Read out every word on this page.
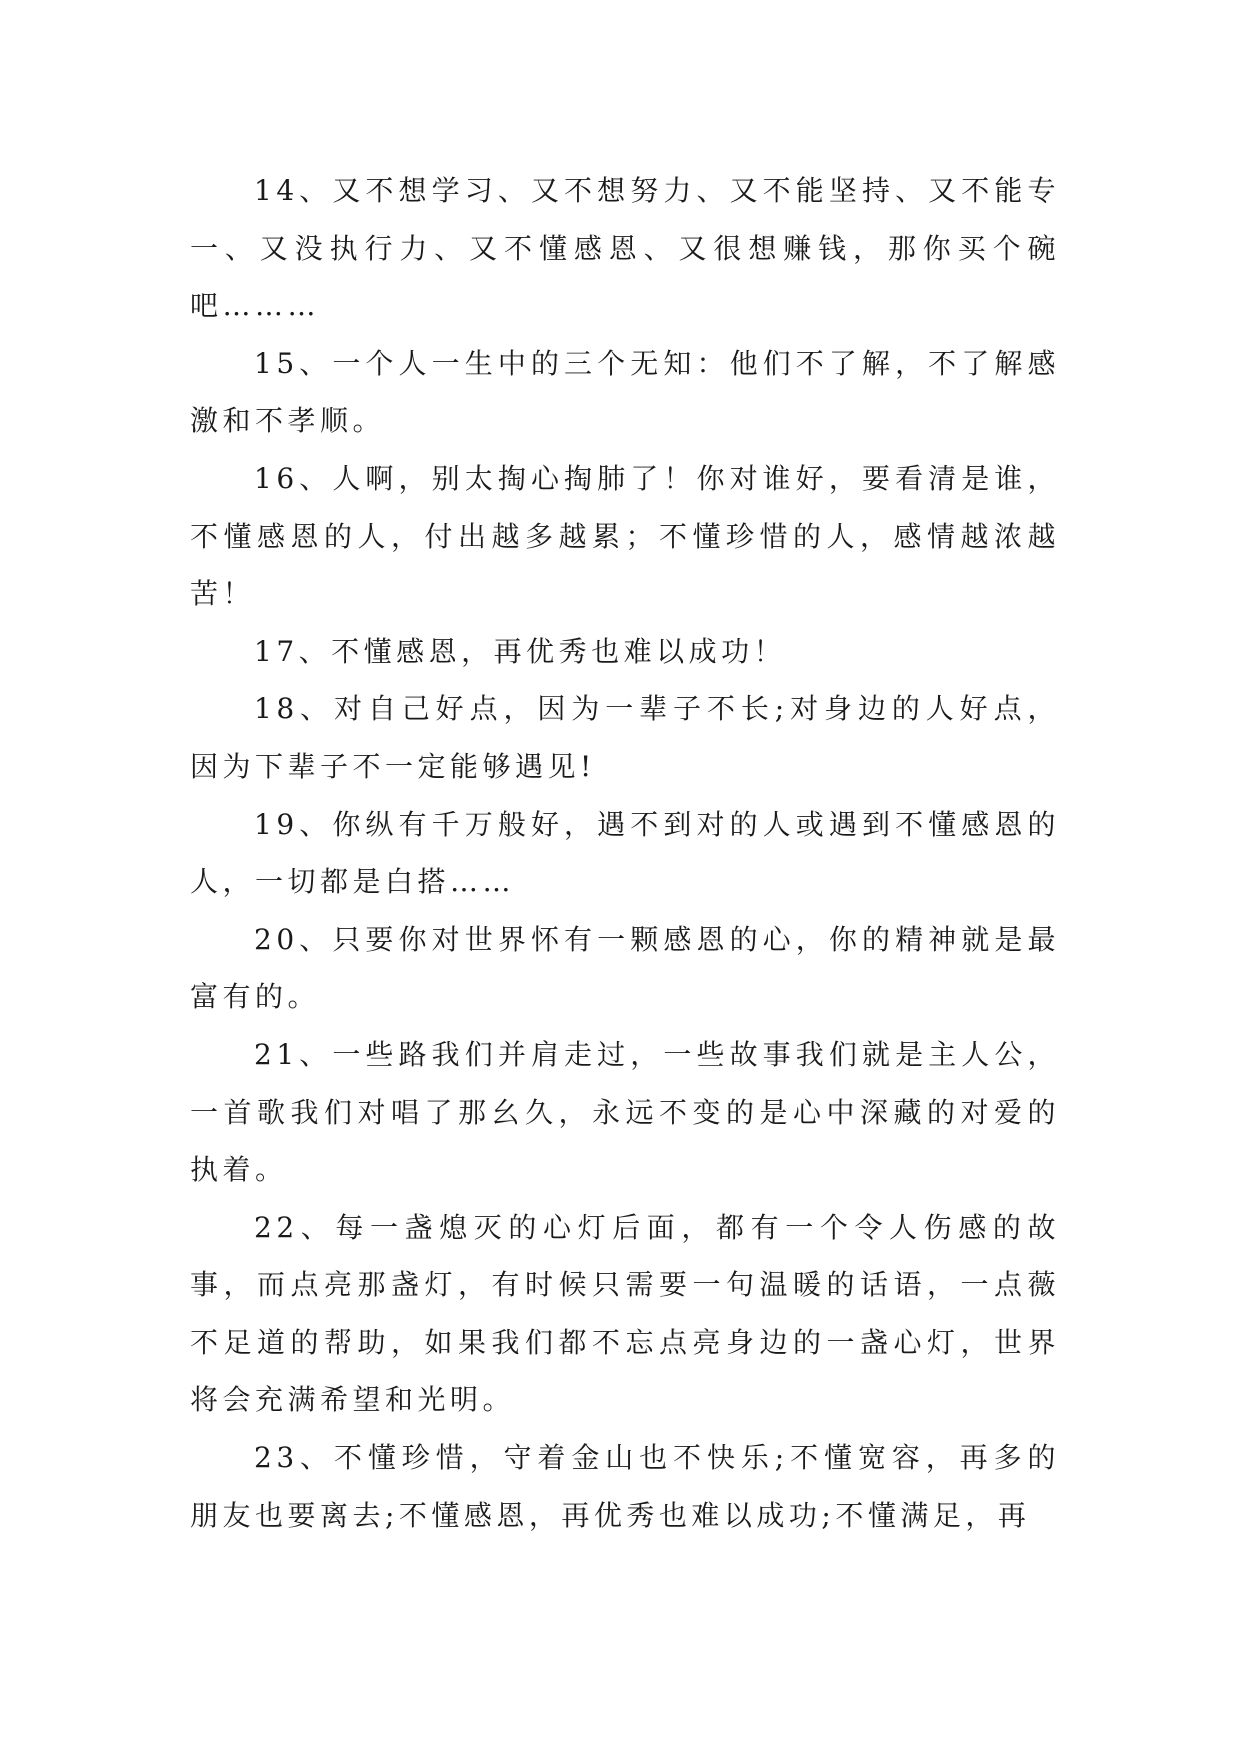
14、又不想学习、又不想努力、又不能坚持、又不能专一、又没执行力、又不懂感恩、又很想赚钱，那你买个碗吧………

15、一个人一生中的三个无知：他们不了解，不了解感激和不孝顺。

16、人啊，别太掏心掏肺了！你对谁好，要看清是谁，不懂感恩的人，付出越多越累；不懂珍惜的人，感情越浓越苦！

17、不懂感恩，再优秀也难以成功！

18、对自己好点，因为一辈子不长;对身边的人好点，因为下辈子不一定能够遇见!

19、你纵有千万般好，遇不到对的人或遇到不懂感恩的人，一切都是白搭……

20、只要你对世界怀有一颗感恩的心，你的精神就是最富有的。

21、一些路我们并肩走过，一些故事我们就是主人公，一首歌我们对唱了那幺久，永远不变的是心中深藏的对爱的执着。

22、每一盏熄灭的心灯后面，都有一个令人伤感的故事，而点亮那盏灯，有时候只需要一句温暖的话语，一点薇不足道的帮助，如果我们都不忘点亮身边的一盏心灯，世界将会充满希望和光明。

23、不懂珍惜，守着金山也不快乐;不懂宽容，再多的朋友也要离去;不懂感恩，再优秀也难以成功;不懂满足，再
